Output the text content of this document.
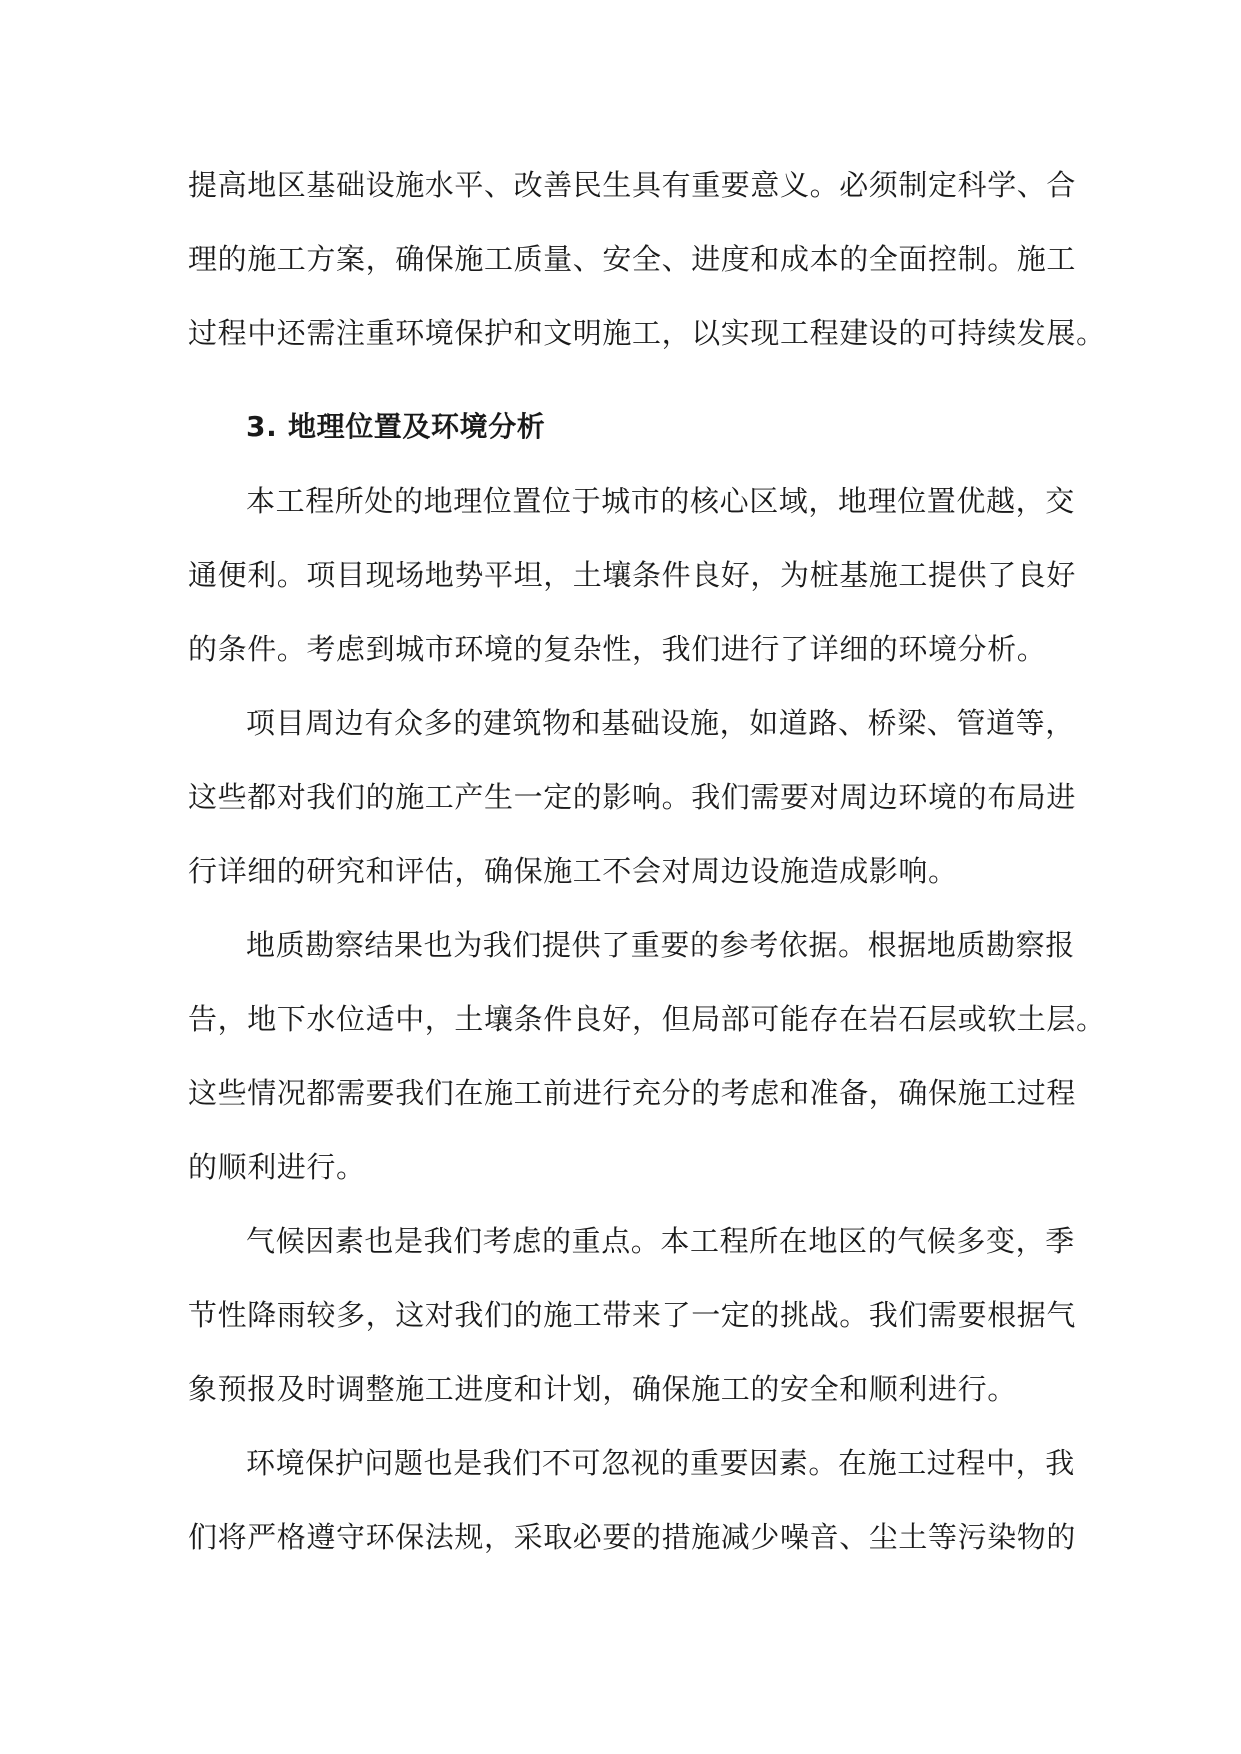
提高地区基础设施水平、改善民生具有重要意义。必须制定科学、合
理的施工方案，确保施工质量、安全、进度和成本的全面控制。施工
过程中还需注重环境保护和文明施工，以实现工程建设的可持续发展。
3. 地理位置及环境分析
本工程所处的地理位置位于城市的核心区域，地理位置优越，交
通便利。项目现场地势平坦，土壤条件良好，为桩基施工提供了良好
的条件。考虑到城市环境的复杂性，我们进行了详细的环境分析。
项目周边有众多的建筑物和基础设施，如道路、桥梁、管道等，
这些都对我们的施工产生一定的影响。我们需要对周边环境的布局进
行详细的研究和评估，确保施工不会对周边设施造成影响。
地质勘察结果也为我们提供了重要的参考依据。根据地质勘察报
告，地下水位适中，土壤条件良好，但局部可能存在岩石层或软土层。
这些情况都需要我们在施工前进行充分的考虑和准备，确保施工过程
的顺利进行。
气候因素也是我们考虑的重点。本工程所在地区的气候多变，季
节性降雨较多，这对我们的施工带来了一定的挑战。我们需要根据气
象预报及时调整施工进度和计划，确保施工的安全和顺利进行。
环境保护问题也是我们不可忽视的重要因素。在施工过程中，我
们将严格遵守环保法规，采取必要的措施减少噪音、尘土等污染物的
